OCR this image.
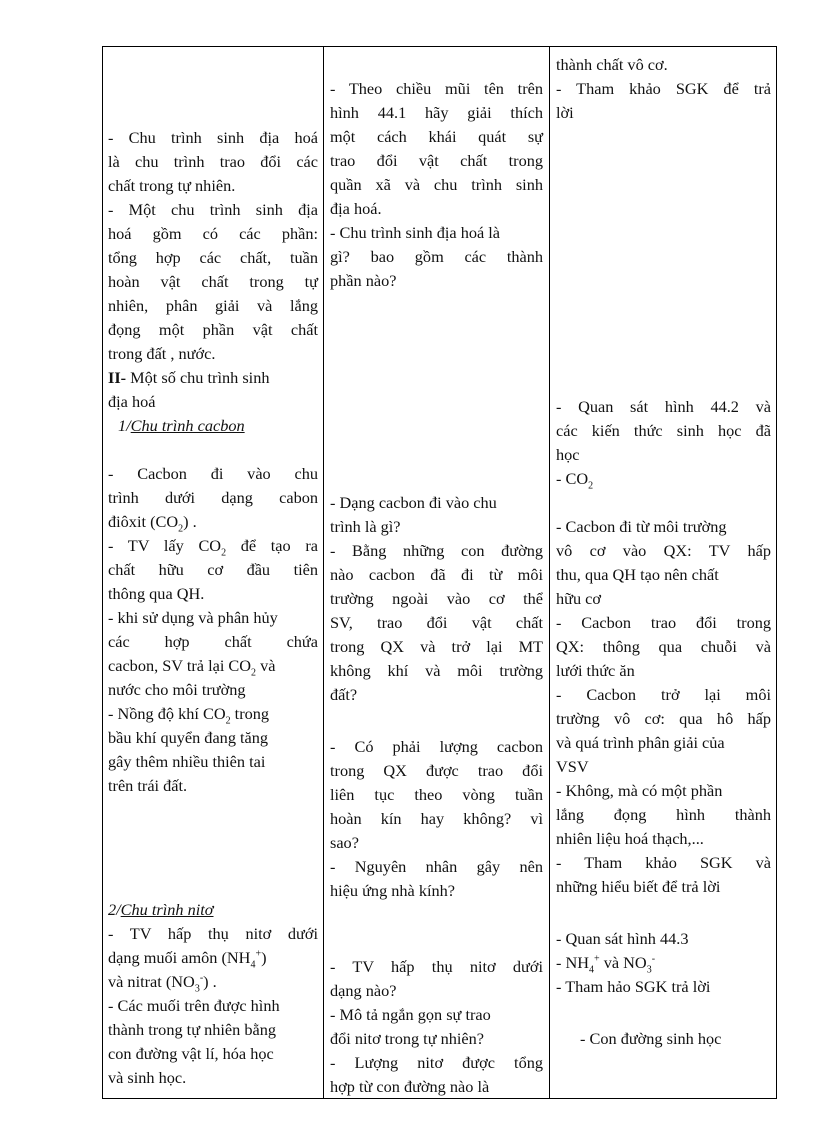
- Chu trình sinh địa hoá

là chu trình trao đổi các

chất trong tự nhiên.

- Một chu trình sinh địa

hoá gồm có các phần:

tổng hợp các chất, tuần

hoàn vật chất trong tự

nhiên, phân giải và lắng

đọng một phần vật chất

trong đất , nước.

II- Một số chu trình sinh

địa hoá

1/Chu trình cacbon

- Cacbon đi vào chu

trình dưới dạng cabon

điôxit $(CO_2)$ .

- TV lấy $CO_2$ để tạo ra

chất hữu cơ đầu tiên

thông qua QH.

- khi sử dụng và phân hủy

các hợp chất chứa

cacbon, SV trả lại $CO_2$ và

nước cho môi trường

- Nồng độ khí $CO_2$ trong

bầu khí quyển đang tăng

gây thêm nhiều thiên tai

trên trái đất.

2/Chu trình nitơ

- TV hấp thụ nitơ dưới

dạng muối amôn $(NH_4^+)$

và nitrat $(NO_3^-)$ .

- Các muối trên được hình

thành trong tự nhiên bằng

con đường vật lí, hóa học

và sinh học.

- Theo chiều mũi tên trên

hình 44.1 hãy giải thích

một cách khái quát sự

trao đổi vật chất trong

quần xã và chu trình sinh

địa hoá.

- Chu trình sinh địa hoá là

gì? bao gồm các thành

phần nào?

- Dạng cacbon đi vào chu

trình là gì?

- Bằng những con đường

nào cacbon đã đi từ môi

trường ngoài vào cơ thể

SV, trao đổi vật chất

trong QX và trở lại MT

không khí và môi trường

đất?

- Có phải lượng cacbon

trong QX được trao đổi

liên tục theo vòng tuần

hoàn kín hay không? vì

sao?

- Nguyên nhân gây nên

hiệu ứng nhà kính?

- TV hấp thụ nitơ dưới

dạng nào?

- Mô tả ngắn gọn sự trao

đổi nitơ trong tự nhiên?

- Lượng nitơ được tổng

hợp từ con đường nào là

thành chất vô cơ.

- Tham khảo SGK để trả

lời

- Quan sát hình 44.2 và

các kiến thức sinh học đã

học

- $CO_2$

- Cacbon đi từ môi trường

vô cơ vào QX: TV hấp

thu, qua QH tạo nên chất

hữu cơ

- Cacbon trao đổi trong

QX: thông qua chuỗi và

lưới thức ăn

- Cacbon trở lại môi

trường vô cơ: qua hô hấp

và quá trình phân giải của

VSV

- Không, mà có một phần

lắng đọng hình thành

nhiên liệu hoá thạch,...

- Tham khảo SGK và

những hiểu biết để trả lời

- Quan sát hình 44.3

- $NH_4^+$ và $NO_3^-$

- Tham hảo SGK trả lời

- Con đường sinh học
